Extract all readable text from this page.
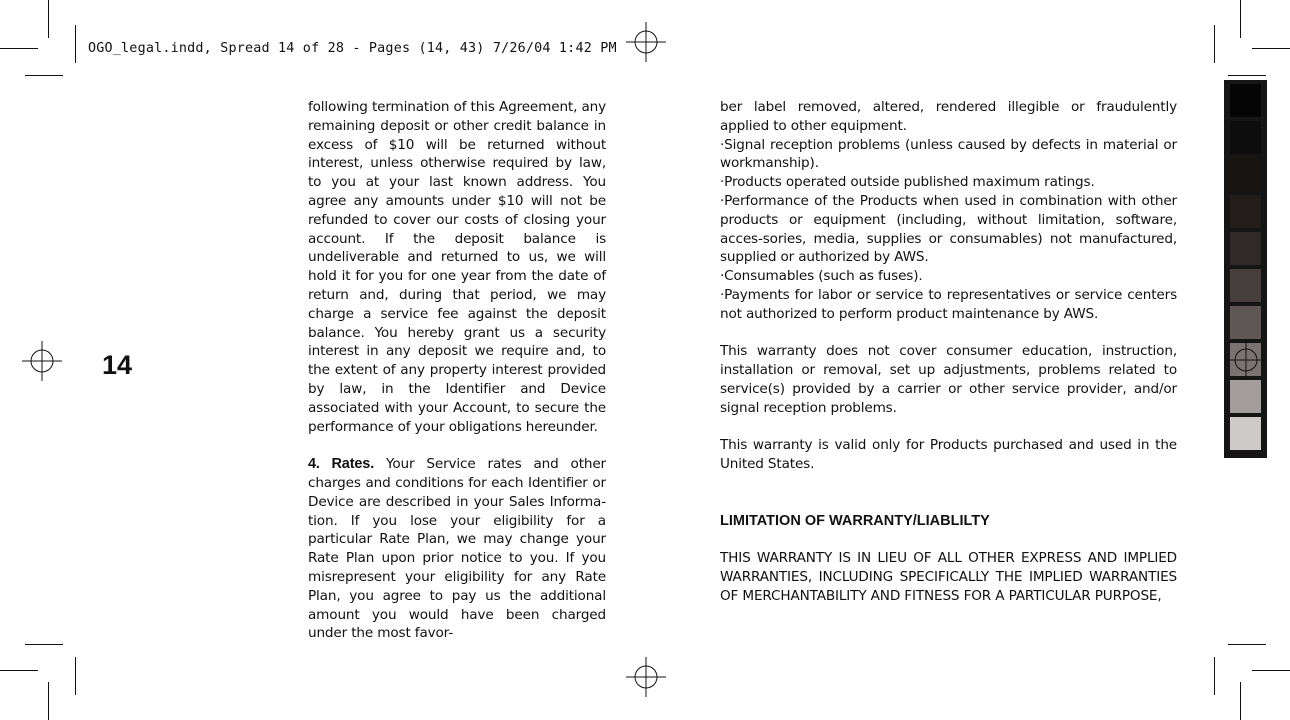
OGO_legal.indd, Spread 14 of 28 - Pages (14, 43) 7/26/04 1:42 PM
14

following termination of this Agreement, any remaining deposit or other credit balance in excess of $10 will be returned without interest, unless otherwise required by law, to you at your last known address. You agree any amounts under $10 will not be refunded to cover our costs of closing your account. If the deposit balance is undeliverable and returned to us, we will hold it for you for one year from the date of return and, during that period, we may charge a service fee against the deposit balance. You hereby grant us a security interest in any deposit we require and, to the extent of any property interest provided by law, in the Identifier and Device associated with your Account, to secure the performance of your obligations hereunder.

4. Rates. Your Service rates and other charges and conditions for each Identifier or Device are described in your Sales Informa-tion. If you lose your eligibility for a particular Rate Plan, we may change your Rate Plan upon prior notice to you. If you misrepresent your eligibility for any Rate Plan, you agree to pay us the additional amount you would have been charged under the most favor-

ber label removed, altered, rendered illegible or fraudulently applied to other equipment.

·Signal reception problems (unless caused by defects in material or workmanship).

·Products operated outside published maximum ratings.

·Performance of the Products when used in combination with other products or equipment (including, without limitation, software, acces-sories, media, supplies or consumables) not manufactured, supplied or authorized by AWS.

·Consumables (such as fuses).

·Payments for labor or service to representatives or service centers not authorized to perform product maintenance by AWS.

This warranty does not cover consumer education, instruction, installation or removal, set up adjustments, problems related to service(s) provided by a carrier or other service provider, and/or signal reception problems.

This warranty is valid only for Products purchased and used in the United States.

LIMITATION OF WARRANTY/LIABLILTY

THIS WARRANTY IS IN LIEU OF ALL OTHER EXPRESS AND IMPLIED WARRANTIES, INCLUDING SPECIFICALLY THE IMPLIED WARRANTIES OF MERCHANTABILITY AND FITNESS FOR A PARTICULAR PURPOSE,
